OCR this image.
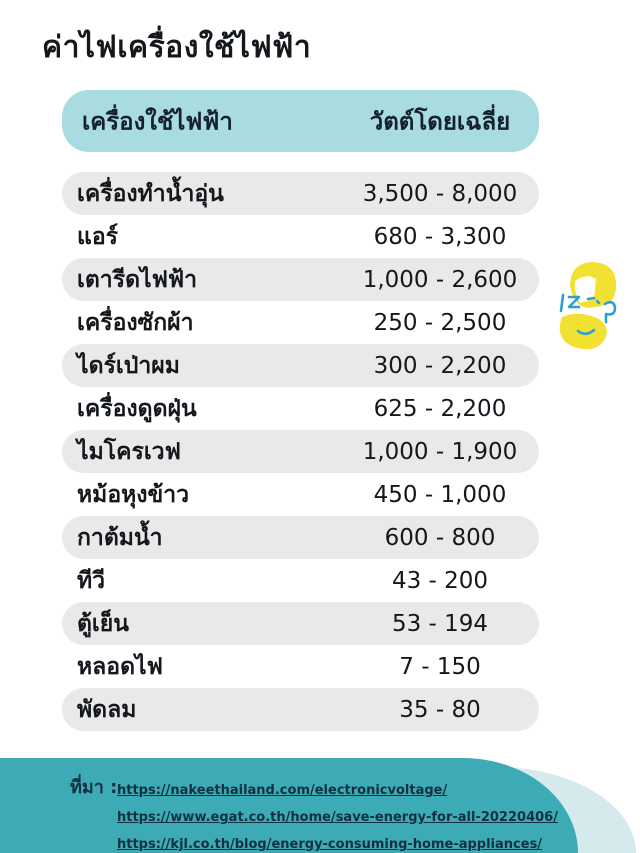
ค่าไฟเครื่องใช้ไฟฟ้า
เครื่องใช้ไฟฟ้า	วัตต์โดยเฉลี่ย
เครื่องทำน้ำอุ่น	3,500 - 8,000
แอร์	680 - 3,300
เตารีดไฟฟ้า	1,000 - 2,600
เครื่องซักผ้า	250 - 2,500
ไดร์เป่าผม	300 - 2,200
เครื่องดูดฝุ่น	625 - 2,200
ไมโครเวฟ	1,000 - 1,900
หม้อหุงข้าว	450 - 1,000
กาต้มน้ำ	600 - 800
ทีวี	43 - 200
ตู้เย็น	53 - 194
หลอดไฟ	7 - 150
พัดลม	35 - 80
ที่มา : https://nakeethailand.com/electronicvoltage/
https://www.egat.co.th/home/save-energy-for-all-20220406/
https://kjl.co.th/blog/energy-consuming-home-appliances/
